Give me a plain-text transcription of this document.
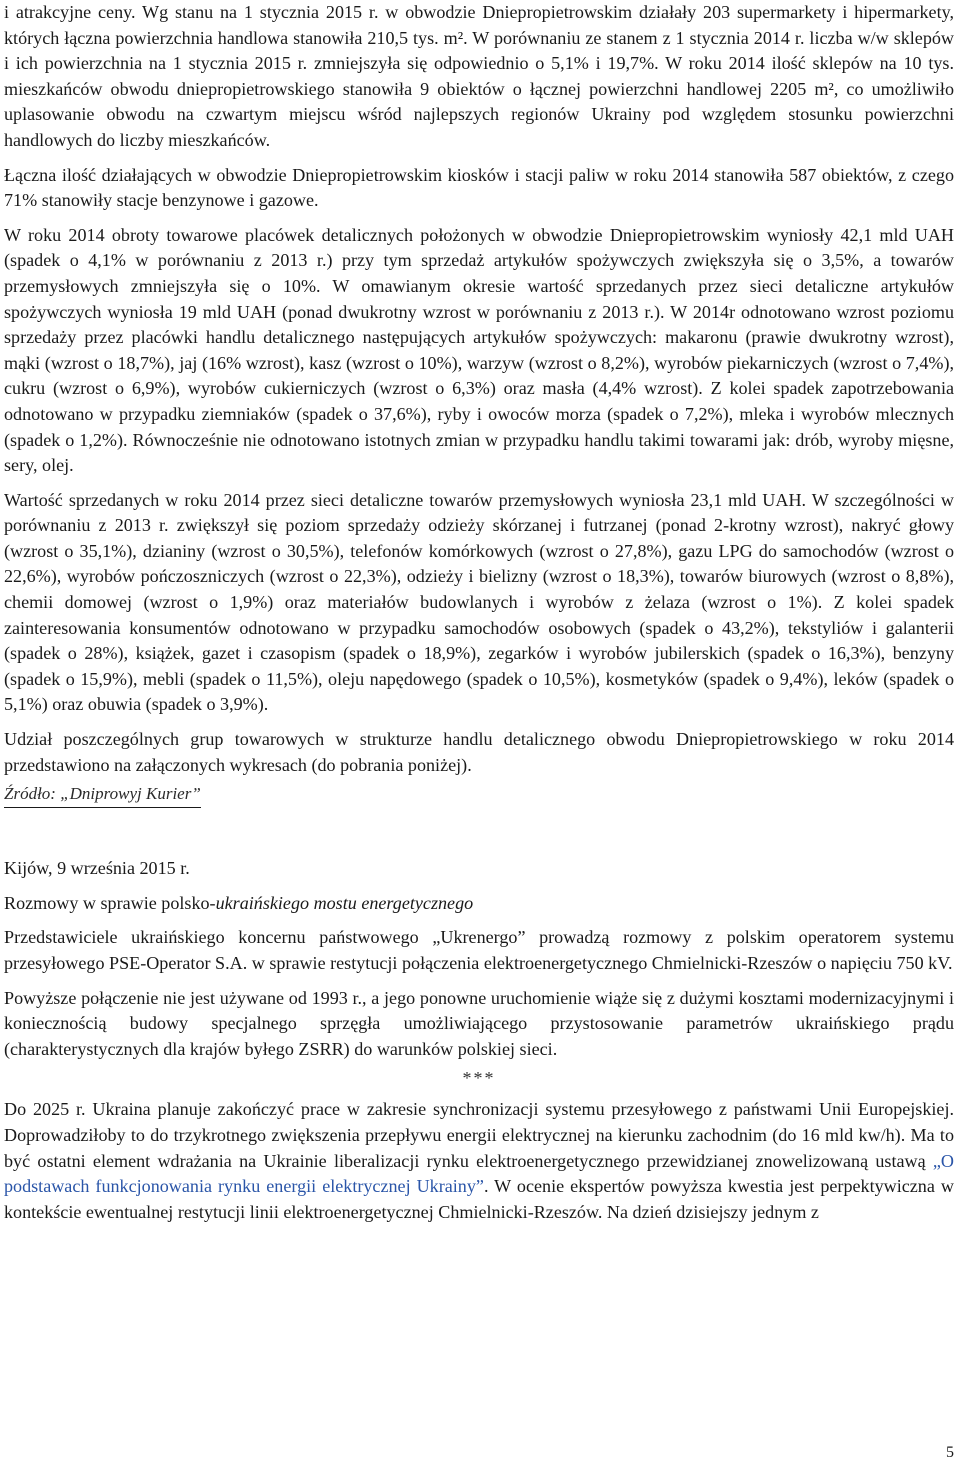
i atrakcyjne ceny. Wg stanu na 1 stycznia 2015 r. w obwodzie Dniepropietrowskim działały 203 supermarkety i hipermarkety, których łączna powierzchnia handlowa stanowiła 210,5 tys. m². W porównaniu ze stanem z 1 stycznia 2014 r. liczba w/w sklepów i ich powierzchnia na 1 stycznia 2015 r. zmniejszyła się odpowiednio o 5,1% i 19,7%. W roku 2014 ilość sklepów na 10 tys. mieszkańców obwodu dniepropietrowskiego stanowiła 9 obiektów o łącznej powierzchni handlowej 2205 m², co umożliwiło uplasowanie obwodu na czwartym miejscu wśród najlepszych regionów Ukrainy pod względem stosunku powierzchni handlowych do liczby mieszkańców.

Łączna ilość działających w obwodzie Dniepropietrowskim kiosków i stacji paliw w roku 2014 stanowiła 587 obiektów, z czego 71% stanowiły stacje benzynowe i gazowe.

W roku 2014 obroty towarowe placówek detalicznych położonych w obwodzie Dniepropietrowskim wyniosły 42,1 mld UAH (spadek o 4,1% w porównaniu z 2013 r.) przy tym sprzedaż artykułów spożywczych zwiększyła się o 3,5%, a towarów przemysłowych zmniejszyła się o 10%. W omawianym okresie wartość sprzedanych przez sieci detaliczne artykułów spożywczych wyniosła 19 mld UAH (ponad dwukrotny wzrost w porównaniu z 2013 r.). W 2014r odnotowano wzrost poziomu sprzedaży przez placówki handlu detalicznego następujących artykułów spożywczych: makaronu (prawie dwukrotny wzrost), mąki (wzrost o 18,7%), jaj (16% wzrost), kasz (wzrost o 10%), warzyw (wzrost o 8,2%), wyrobów piekarniczych (wzrost o 7,4%), cukru (wzrost o 6,9%), wyrobów cukierniczych (wzrost o 6,3%) oraz masła (4,4% wzrost). Z kolei spadek zapotrzebowania odnotowano w przypadku ziemniaków (spadek o 37,6%), ryby i owoców morza (spadek o 7,2%), mleka i wyrobów mlecznych (spadek o 1,2%). Równocześnie nie odnotowano istotnych zmian w przypadku handlu takimi towarami jak: drób, wyroby mięsne, sery, olej.

Wartość sprzedanych w roku 2014 przez sieci detaliczne towarów przemysłowych wyniosła 23,1 mld UAH. W szczególności w porównaniu z 2013 r. zwiększył się poziom sprzedaży odzieży skórzanej i futrzanej (ponad 2-krotny wzrost), nakryć głowy (wzrost o 35,1%), dzianiny (wzrost o 30,5%), telefonów komórkowych (wzrost o 27,8%), gazu LPG do samochodów (wzrost o 22,6%), wyrobów pończoszniczych (wzrost o 22,3%), odzieży i bielizny (wzrost o 18,3%), towarów biurowych (wzrost o 8,8%), chemii domowej (wzrost o 1,9%) oraz materiałów budowlanych i wyrobów z żelaza (wzrost o 1%). Z kolei spadek zainteresowania konsumentów odnotowano w przypadku samochodów osobowych (spadek o 43,2%), tekstyliów i galanterii (spadek o 28%), książek, gazet i czasopism (spadek o 18,9%), zegarków i wyrobów jubilerskich (spadek o 16,3%), benzyny (spadek o 15,9%), mebli (spadek o 11,5%), oleju napędowego (spadek o 10,5%), kosmetyków (spadek o 9,4%), leków (spadek o 5,1%) oraz obuwia (spadek o 3,9%).

Udział poszczególnych grup towarowych w strukturze handlu detalicznego obwodu Dniepropietrowskiego w roku 2014 przedstawiono na załączonych wykresach (do pobrania poniżej).

Źródło: „Dniprowyj Kurier”
Kijów, 9 września 2015 r.
Rozmowy w sprawie polsko-ukraińskiego mostu energetycznego

Przedstawiciele ukraińskiego koncernu państwowego „Ukrenergo” prowadzą rozmowy z polskim operatorem systemu przesyłowego PSE-Operator S.A. w sprawie restytucji połączenia elektroenergetycznego Chmielnicki-Rzeszów o napięciu 750 kV.

Powyższe połączenie nie jest używane od 1993 r., a jego ponowne uruchomienie wiąże się z dużymi kosztami modernizacyjnymi i koniecznością budowy specjalnego sprzęgła umożliwiającego przystosowanie parametrów ukraińskiego prądu (charakterystycznych dla krajów byłego ZSRR) do warunków polskiej sieci.

***

Do 2025 r. Ukraina planuje zakończyć prace w zakresie synchronizacji systemu przesyłowego z państwami Unii Europejskiej. Doprowadziłoby to do trzykrotnego zwiększenia przepływu energii elektrycznej na kierunku zachodnim (do 16 mld kw/h). Ma to być ostatni element wdrażania na Ukrainie liberalizacji rynku elektroenergetycznego przewidzianej znowelizowaną ustawą „O podstawach funkcjonowania rynku energii elektrycznej Ukrainy”. W ocenie ekspertów powyższa kwestia jest perpektywiczna w kontekście ewentualnej restytucji linii elektroenergetycznej Chmielnicki-Rzeszów. Na dzień dzisiejszy jednym z

5
